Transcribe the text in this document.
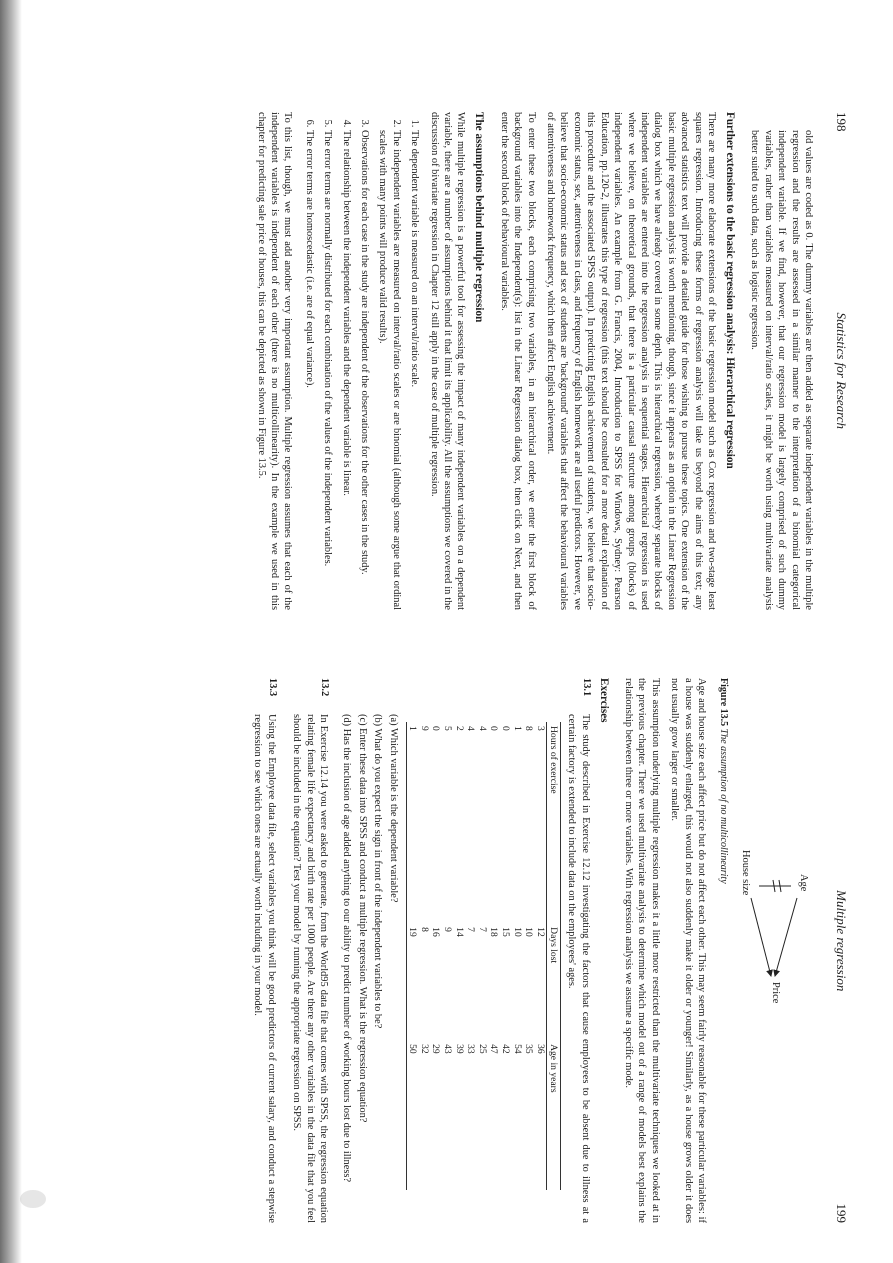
198
Statistics for Research

old values are coded as 0. The dummy variables are then added as separate independent variables in the multiple regression and the results are assessed in a similar manner to the interpretation of a binomial categorical independent variable. If we find, however, that our regression model is largely comprised of such dummy variables, rather than variables measured on interval/ratio scales, it might be worth using multivariate analysis better suited to such data, such as logistic regression.

Further extensions to the basic regression analysis: Hierarchical regression

There are many more elaborate extensions of the basic regression model such as Cox regression and two-stage least squares regression. Introducing these forms of regression analysis will take us beyond the aims of this text; any advanced statistics text will provide a detailed guide for those wishing to pursue these topics. One extension of the basic multiple regression analysis is worth mentioning, though, since it appears as an option in the Linear Regression dialog box which we have already covered in some depth. This is hierarchical regression, whereby separate blocks of independent variables are entered into the regression analysis in sequential stages. Hierarchical regression is used where we believe, on theoretical grounds, that there is a particular causal structure among groups (blocks) of independent variables. An example from G. Francis, 2004, Introduction to SPSS for Windows, Sydney: Pearson Education, pp.120-2, illustrates this type of regression (this text should be consulted for a more detail explanation of this procedure and the associated SPSS output). In predicting English achievement of students, we believe that socio-economic status, sex, attentiveness in class, and frequency of English homework are all useful predictors. However, we believe that socio-economic status and sex of students are 'background' variables that affect the behavioural variables of attentiveness and homework frequency, which then affect English achievement.

To enter these two blocks, each comprising two variables, in an hierarchical order, we enter the first block of background variables into the Independent(s): list in the Linear Regression dialog box, then click on Next, and then enter the second block of behavioural variables.

The assumptions behind multiple regression

While multiple regression is a powerful tool for assessing the impact of many independent variables on a dependent variable, there are a number of assumptions behind it that limit its applicability. All the assumptions we covered in the discussion of bivariate regression in Chapter 12 still apply in the case of multiple regression.

1. The dependent variable is measured on an interval/ratio scale.
2. The independent variables are measured on interval/ratio scales or are binomial (although some argue that ordinal scales with many points will produce valid results).
3. Observations for each case in the study are independent of the observations for the other cases in the study.
4. The relationship between the independent variables and the dependent variable is linear.
5. The error terms are normally distributed for each combination of the values of the independent variables.
6. The error terms are homoscedastic (i.e. are of equal variance).

To this list, though, we must add another very important assumption. Multiple regression assumes that each of the independent variables is independent of each other (there is no multicollinearity). In the example we used in this chapter for predicting sale price of houses, this can be depicted as shown in Figure 13.5.

Multiple regression
199
Age
Price
House size
Figure 13.5 The assumption of no multicollinearity

Age and house size each affect price but do not affect each other. This may seem fairly reasonable for these particular variables: if a house was suddenly enlarged, this would not also suddenly make it older or younger! Similarly, as a house grows older it does not usually grow larger or smaller.

This assumption underlying multiple regression makes it a little more restricted than the multivariate techniques we looked at in the previous chapter. There we used multivariate analysis to determine which model out of a range of models best explains the relationship between three or more variables. With regression analysis we assume a specific mode.

Exercises
13.1

The study described in Exercise 12.12 investigating the factors that cause employees to be absent due to illness at a certain factory is extended to include data on the employees' ages.

Hours of exercise	Days lost	Age in years
3	12	36
8	10	35
1	10	54
0	15	42
0	18	47
4	7	25
4	7	33
2	14	39
5	9	43
0	16	29
9	8	32
1	19	50
(a) Which variable is the dependent variable?
(b) What do you expect the sign in front of the independent variables to be?
(c) Enter these data into SPSS and conduct a multiple regression. What is the regression equation?
(d) Has the inclusion of age added anything to our ability to predict number of working hours lost due to illness?
13.2

In Exercise 12.14 you were asked to generate, from the World95 data file that comes with SPSS, the regression equation relating female life expectancy and birth rate per 1000 people. Are there any other variables in the data file that you feel should be included in the equation? Test your model by running the appropriate regression on SPSS.

13.3

Using the Employee data file, select variables you think will be good predictors of current salary, and conduct a stepwise regression to see which ones are actually worth including in your model.
